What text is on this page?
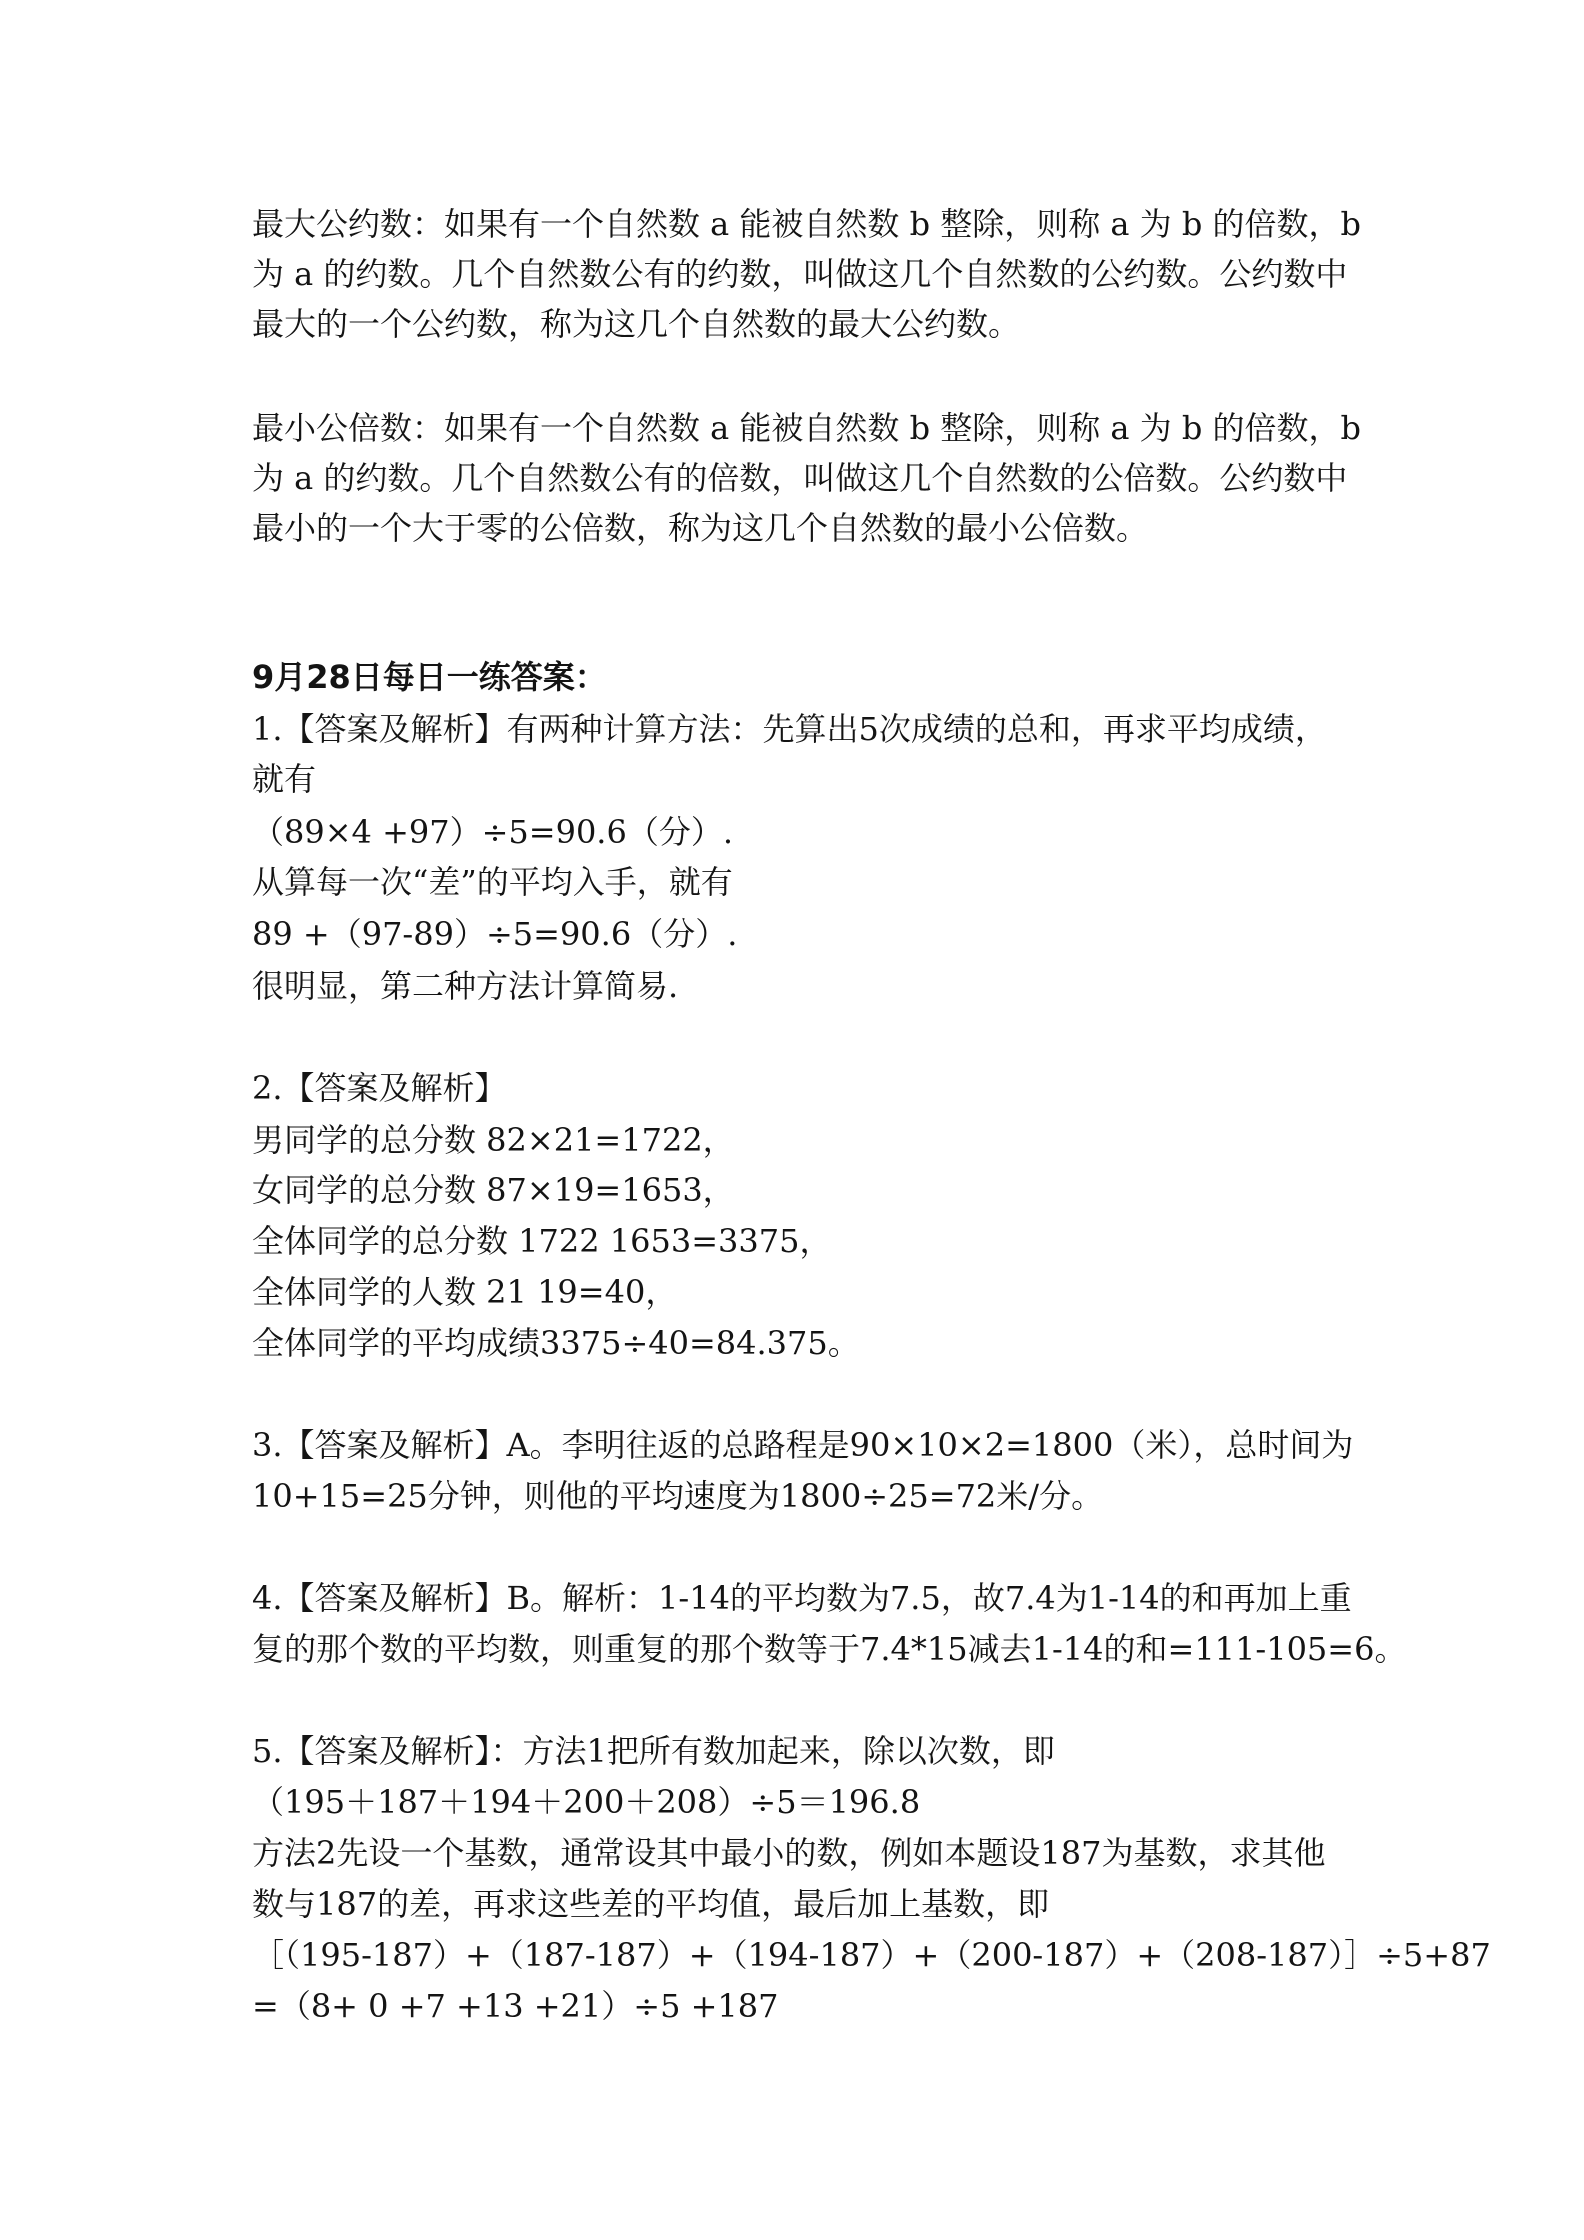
最大公约数：如果有一个自然数 a 能被自然数 b 整除，则称 a 为 b 的倍数，b
为 a 的约数。几个自然数公有的约数，叫做这几个自然数的公约数。公约数中
最大的一个公约数，称为这几个自然数的最大公约数。
最小公倍数：如果有一个自然数 a 能被自然数 b 整除，则称 a 为 b 的倍数，b
为 a 的约数。几个自然数公有的倍数，叫做这几个自然数的公倍数。公约数中
最小的一个大于零的公倍数，称为这几个自然数的最小公倍数。
9月28日每日一练答案：
1.【答案及解析】有两种计算方法：先算出5次成绩的总和，再求平均成绩，
就有
（89×4 +97）÷5=90.6（分）.
从算每一次“差”的平均入手，就有
89 +（97-89）÷5=90.6（分）.
很明显，第二种方法计算简易.
2.【答案及解析】
男同学的总分数 82×21=1722，
女同学的总分数 87×19=1653，
全体同学的总分数 1722 1653=3375，
全体同学的人数 21 19=40，
全体同学的平均成绩3375÷40=84.375。
3.【答案及解析】A。李明往返的总路程是90×10×2=1800（米），总时间为
10+15=25分钟，则他的平均速度为1800÷25=72米/分。
4.【答案及解析】B。解析：1-14的平均数为7.5，故7.4为1-14的和再加上重
复的那个数的平均数，则重复的那个数等于7.4*15减去1-14的和=111-105=6。
5.【答案及解析】：方法1把所有数加起来，除以次数，即
（195＋187＋194＋200＋208）÷5＝196.8
方法2先设一个基数，通常设其中最小的数，例如本题设187为基数，求其他
数与187的差，再求这些差的平均值，最后加上基数，即
［（195-187）+（187-187）+（194-187）+（200-187）+（208-187）］÷5+87
=（8+ 0 +7 +13 +21）÷5 +187
